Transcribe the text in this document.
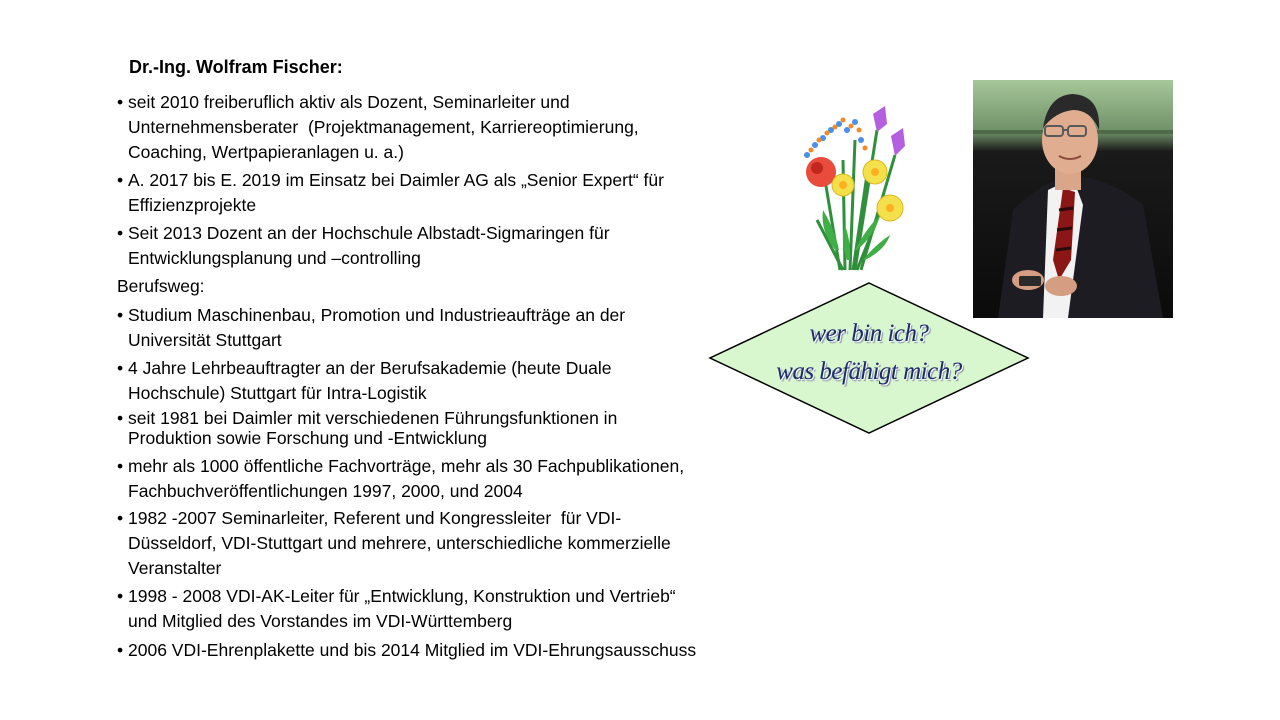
Dr.-Ing. Wolfram Fischer:
• seit 2010 freiberuflich aktiv als Dozent, Seminarleiter und
Unternehmensberater  (Projektmanagement, Karriereoptimierung,
Coaching, Wertpapieranlagen u. a.)
• A. 2017 bis E. 2019 im Einsatz bei Daimler AG als „Senior Expert“ für
Effizienzprojekte
• Seit 2013 Dozent an der Hochschule Albstadt-Sigmaringen für
Entwicklungsplanung und –controlling
Berufsweg:
• Studium Maschinenbau, Promotion und Industrieaufträge an der
Universität Stuttgart
• 4 Jahre Lehrbeauftragter an der Berufsakademie (heute Duale
Hochschule) Stuttgart für Intra-Logistik
• seit 1981 bei Daimler mit verschiedenen Führungsfunktionen in
Produktion sowie Forschung und -Entwicklung
• mehr als 1000 öffentliche Fachvorträge, mehr als 30 Fachpublikationen,
Fachbuchveröffentlichungen 1997, 2000, und 2004
• 1982 -2007 Seminarleiter, Referent und Kongressleiter  für VDI-
Düsseldorf, VDI-Stuttgart und mehrere, unterschiedliche kommerzielle
Veranstalter
• 1998 - 2008 VDI-AK-Leiter für „Entwicklung, Konstruktion und Vertrieb“
und Mitglied des Vorstandes im VDI-Württemberg
• 2006 VDI-Ehrenplakette und bis 2014 Mitglied im VDI-Ehrungsausschuss
wer bin ich?
was befähigt mich?
